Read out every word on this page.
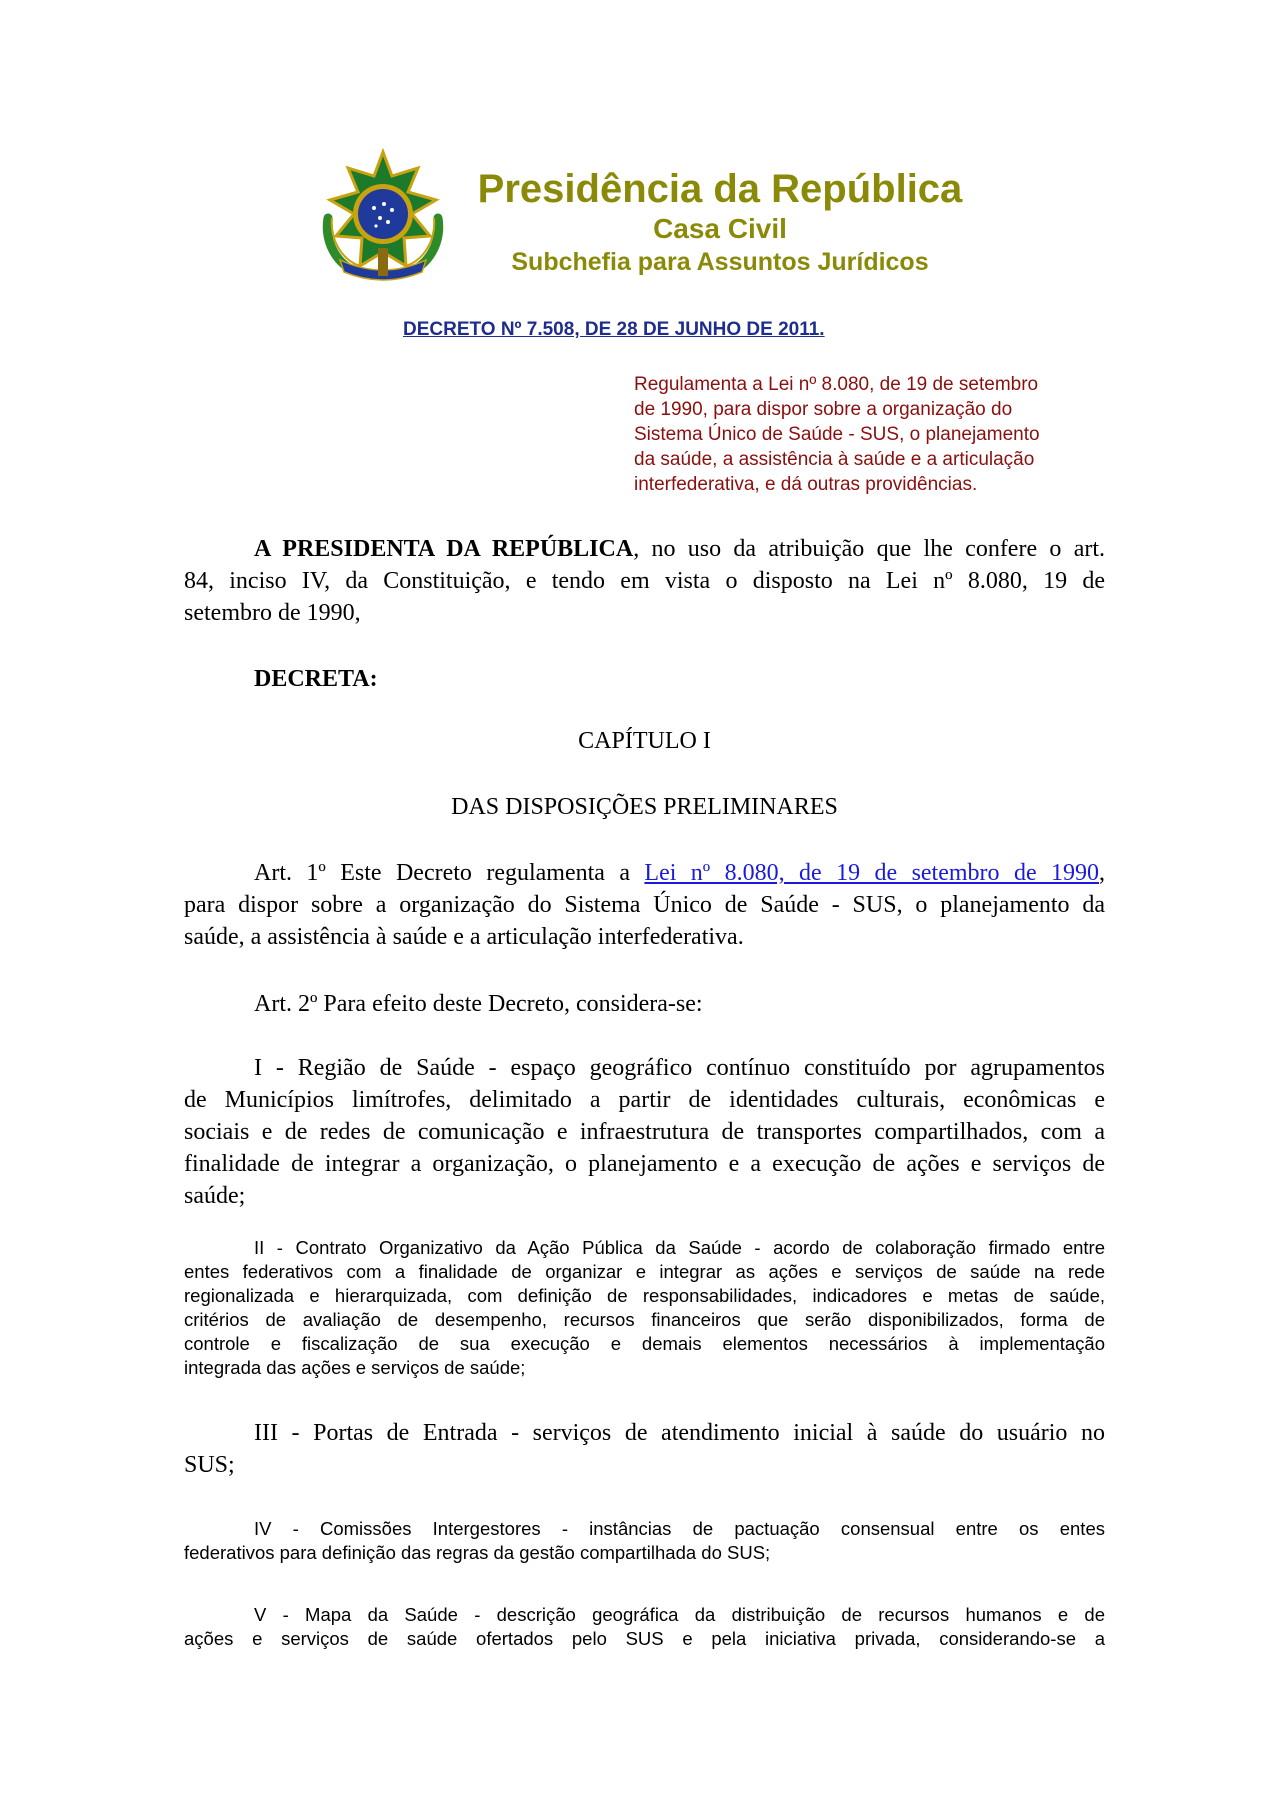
Presidência da República
Casa Civil
Subchefia para Assuntos Jurídicos
DECRETO Nº 7.508, DE 28 DE JUNHO DE 2011.

Regulamenta a Lei nº 8.080, de 19 de setembro

de 1990, para dispor sobre a organização do

Sistema Único de Saúde - SUS, o planejamento

da saúde, a assistência à saúde e a articulação

interfederativa, e dá outras providências.

A PRESIDENTA DA REPÚBLICA, no uso da atribuição que lhe confere o art.
84, inciso IV, da Constituição, e tendo em vista o disposto na Lei nº 8.080, 19 de
setembro de 1990,
DECRETA:

CAPÍTULO I

DAS DISPOSIÇÕES PRELIMINARES

Art. 1º Este Decreto regulamenta a Lei nº 8.080, de 19 de setembro de 1990,
para dispor sobre a organização do Sistema Único de Saúde - SUS, o planejamento da
saúde, a assistência à saúde e a articulação interfederativa.
Art. 2º Para efeito deste Decreto, considera-se:
I - Região de Saúde - espaço geográfico contínuo constituído por agrupamentos
de Municípios limítrofes, delimitado a partir de identidades culturais, econômicas e
sociais e de redes de comunicação e infraestrutura de transportes compartilhados, com a
finalidade de integrar a organização, o planejamento e a execução de ações e serviços de
saúde;
II - Contrato Organizativo da Ação Pública da Saúde - acordo de colaboração firmado entre
entes federativos com a finalidade de organizar e integrar as ações e serviços de saúde na rede
regionalizada e hierarquizada, com definição de responsabilidades, indicadores e metas de saúde,
critérios de avaliação de desempenho, recursos financeiros que serão disponibilizados, forma de
controle e fiscalização de sua execução e demais elementos necessários à implementação
integrada das ações e serviços de saúde;
III - Portas de Entrada - serviços de atendimento inicial à saúde do usuário no
SUS;
IV - Comissões Intergestores - instâncias de pactuação consensual entre os entes
federativos para definição das regras da gestão compartilhada do SUS;
V - Mapa da Saúde - descrição geográfica da distribuição de recursos humanos e de
ações e serviços de saúde ofertados pelo SUS e pela iniciativa privada, considerando-se a
